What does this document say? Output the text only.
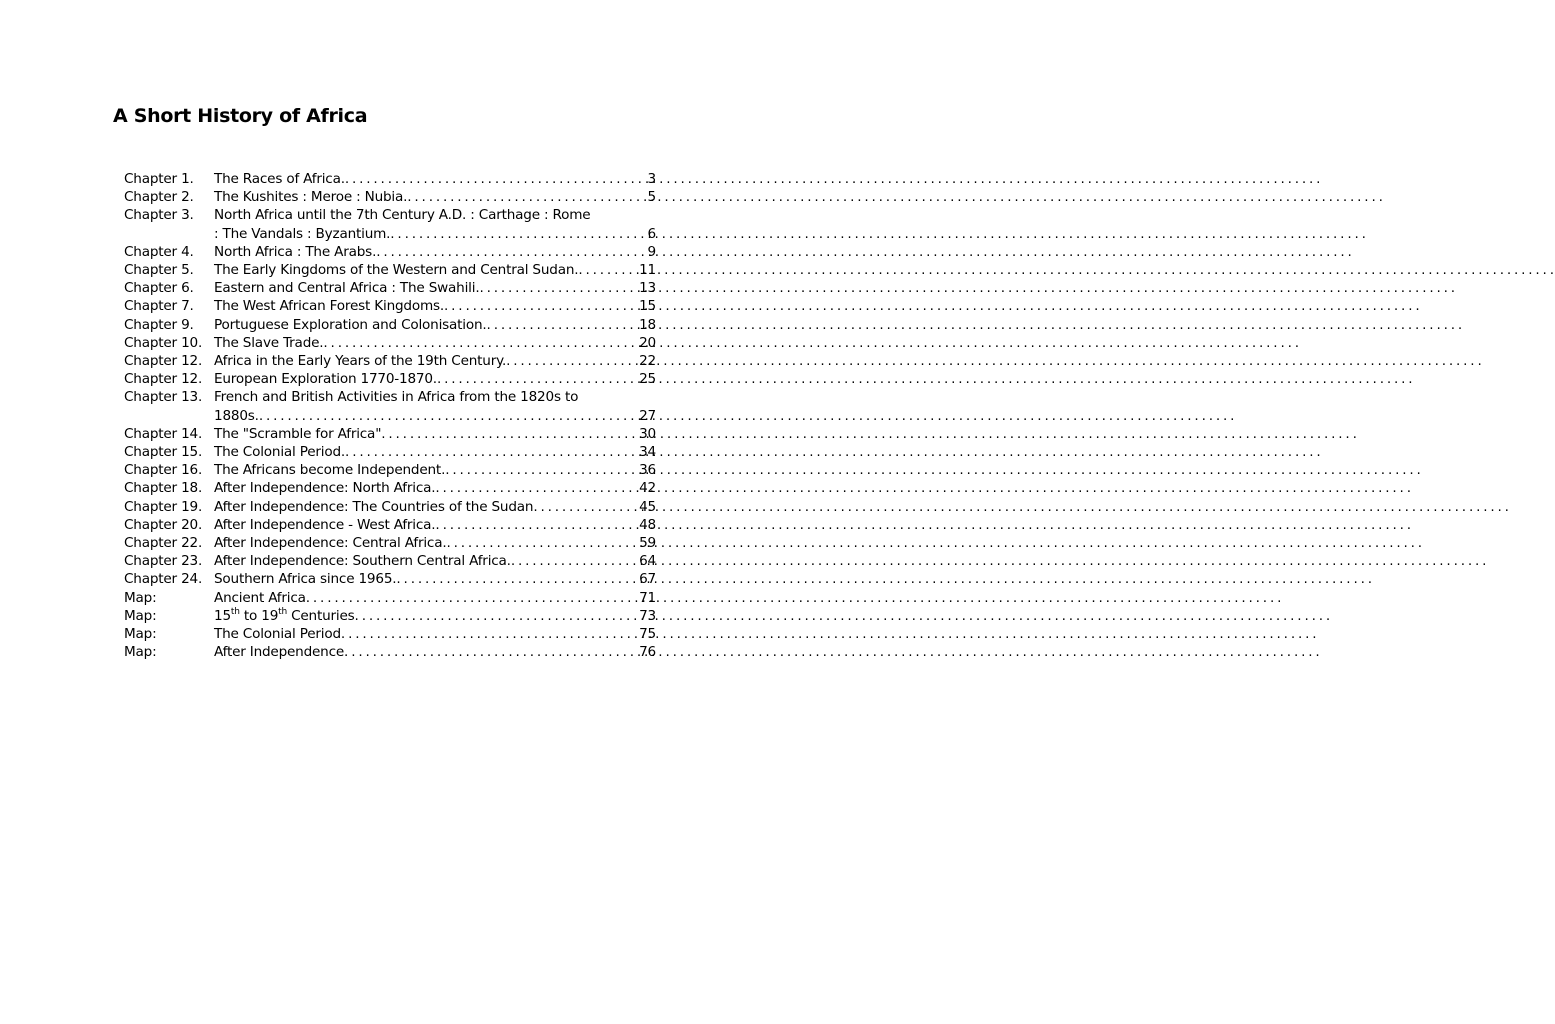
A Short History of Africa
Chapter 1.	The Races of Africa. . . .	3
Chapter 2.	The Kushites : Meroe : Nubia. . . .	5
Chapter 3.	North Africa until the 7th Century A.D. : Carthage : Rome
: The Vandals : Byzantium. . . .	6
Chapter 4.	North Africa : The Arabs. . . .	9
Chapter 5.	The Early Kingdoms of the Western and Central Sudan. . . .	11
Chapter 6.	Eastern and Central Africa : The Swahili. . . .	13
Chapter 7.	The West African Forest Kingdoms. . . .	15
Chapter 9.	Portuguese Exploration and Colonisation. . . .	18
Chapter 10. The Slave Trade. . . .	20
Chapter 12. Africa in the Early Years of the 19th Century. . . .	22
Chapter 12. European Exploration 1770-1870. . . .	25
Chapter 13. French and British Activities in Africa from the 1820s to
1880s. . . .	27
Chapter 14. The "Scramble for Africa" . . .	30
Chapter 15. The Colonial Period. . . .	34
Chapter 16. The Africans become Independent. . . .	36
Chapter 18. After Independence: North Africa. . . .	42
Chapter 19. After Independence: The Countries of the Sudan . . .	45
Chapter 20. After Independence - West Africa. . . .	48
Chapter 22. After Independence: Central Africa. . . .	59
Chapter 23. After Independence: Southern Central Africa. . . .	64
Chapter 24. Southern Africa since 1965. . . .	67
Map:	Ancient Africa . . .	71
Map:	15th to 19th Centuries . . .	73
Map:	The Colonial Period . . .	75
Map:	After Independence . . .	76
